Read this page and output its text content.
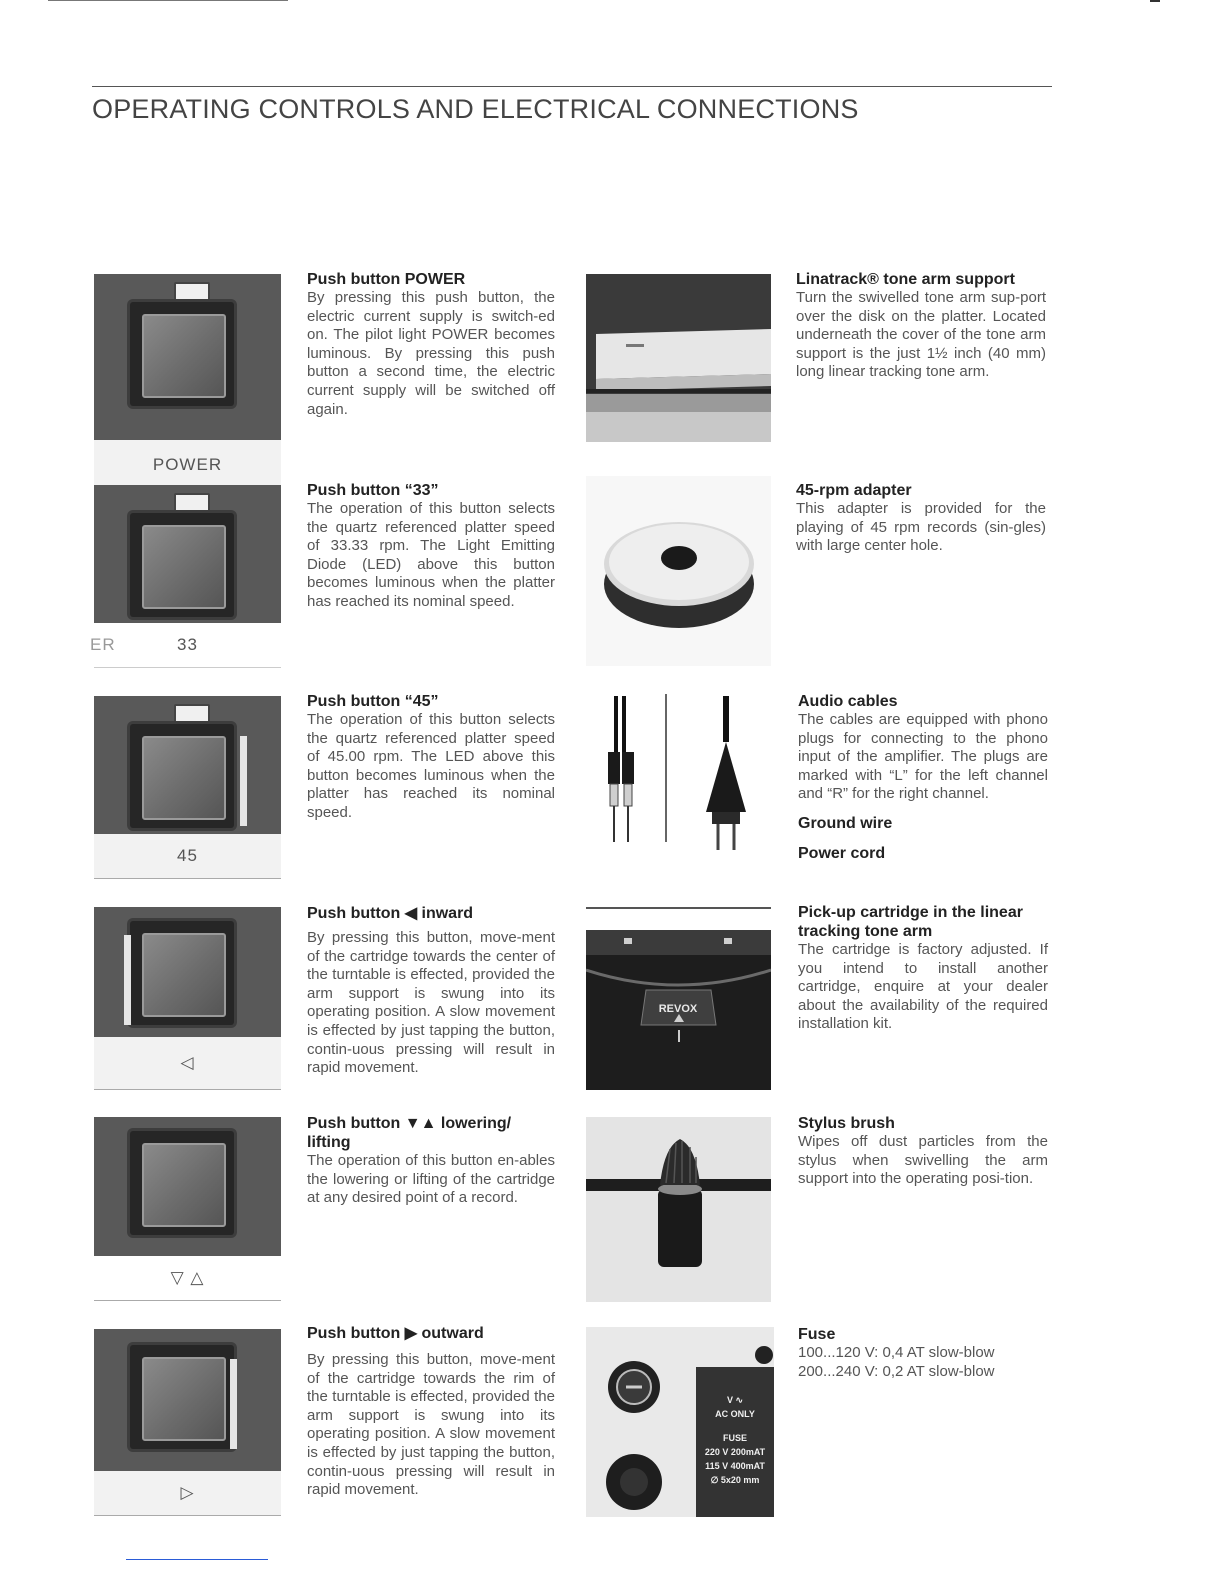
OPERATING CONTROLS AND ELECTRICAL CONNECTIONS
POWER
Push button POWER
By pressing this push button, the electric current supply is switch-ed on. The pilot light POWER becomes luminous. By pressing this push button a second time, the electric current supply will be switched off again.
ER	33
Push button “33”
The operation of this button selects the quartz referenced platter speed of 33.33 rpm. The Light Emitting Diode (LED) above this button becomes luminous when the platter has reached its nominal speed.
45
Push button “45”
The operation of this button selects the quartz referenced platter speed of 45.00 rpm. The LED above this button becomes luminous when the platter has reached its nominal speed.
◁
Push button ◀ inward
By pressing this button, move-ment of the cartridge towards the center of the turntable is effected, provided the arm support is swung into its operating position. A slow movement is effected by just tapping the button, contin-uous pressing will result in rapid movement.
▽ △
Push button ▼▲ lowering/ lifting
The operation of this button en-ables the lowering or lifting of the cartridge at any desired point of a record.
▷
Push button ▶ outward
By pressing this button, move-ment of the cartridge towards the rim of the turntable is effected, provided the arm support is swung into its operating position. A slow movement is effected by just tapping the button, contin-uous pressing will result in rapid movement.
Linatrack® tone arm support
Turn the swivelled tone arm sup-port over the disk on the platter. Located underneath the cover of the tone arm support is the just 1½ inch (40 mm) long linear tracking tone arm.
45-rpm adapter
This adapter is provided for the playing of 45 rpm records (sin-gles) with large center hole.
Audio cables
The cables are equipped with phono plugs for connecting to the phono input of the amplifier. The plugs are marked with “L” for the left channel and “R” for the right channel.
Ground wire
Power cord
REVOX
Pick-up cartridge in the linear tracking tone arm
The cartridge is factory adjusted. If you intend to install another cartridge, enquire at your dealer about the availability of the required installation kit.
Stylus brush
Wipes off dust particles from the stylus when swivelling the arm support into the operating posi-tion.
V ∿
AC ONLY
FUSE
220 V 200mAT
115 V 400mAT
∅ 5x20 mm
Fuse
100...120 V: 0,4 AT slow-blow
200...240 V: 0,2 AT slow-blow
